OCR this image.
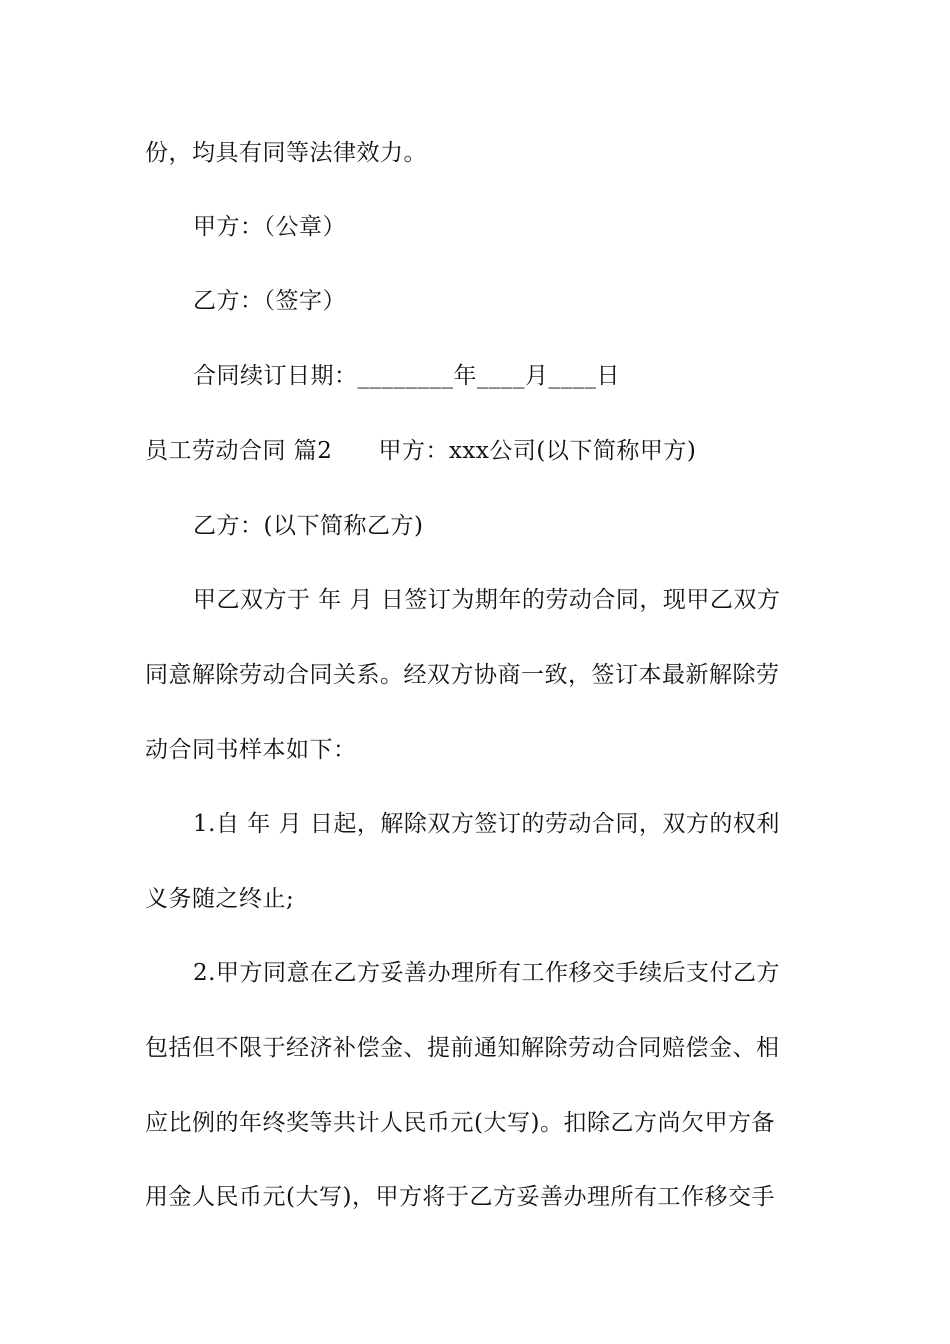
份，均具有同等法律效力。
甲方：（公章）
乙方：（签字）
合同续订日期：________年____月____日
员工劳动合同 篇2 甲方：xxx公司(以下简称甲方)
乙方：(以下简称乙方)
甲乙双方于 年 月 日签订为期年的劳动合同，现甲乙双方
同意解除劳动合同关系。经双方协商一致，签订本最新解除劳
动合同书样本如下：
1.自 年 月 日起，解除双方签订的劳动合同，双方的权利
义务随之终止;
2.甲方同意在乙方妥善办理所有工作移交手续后支付乙方
包括但不限于经济补偿金、提前通知解除劳动合同赔偿金、相
应比例的年终奖等共计人民币元(大写)。扣除乙方尚欠甲方备
用金人民币元(大写)，甲方将于乙方妥善办理所有工作移交手
